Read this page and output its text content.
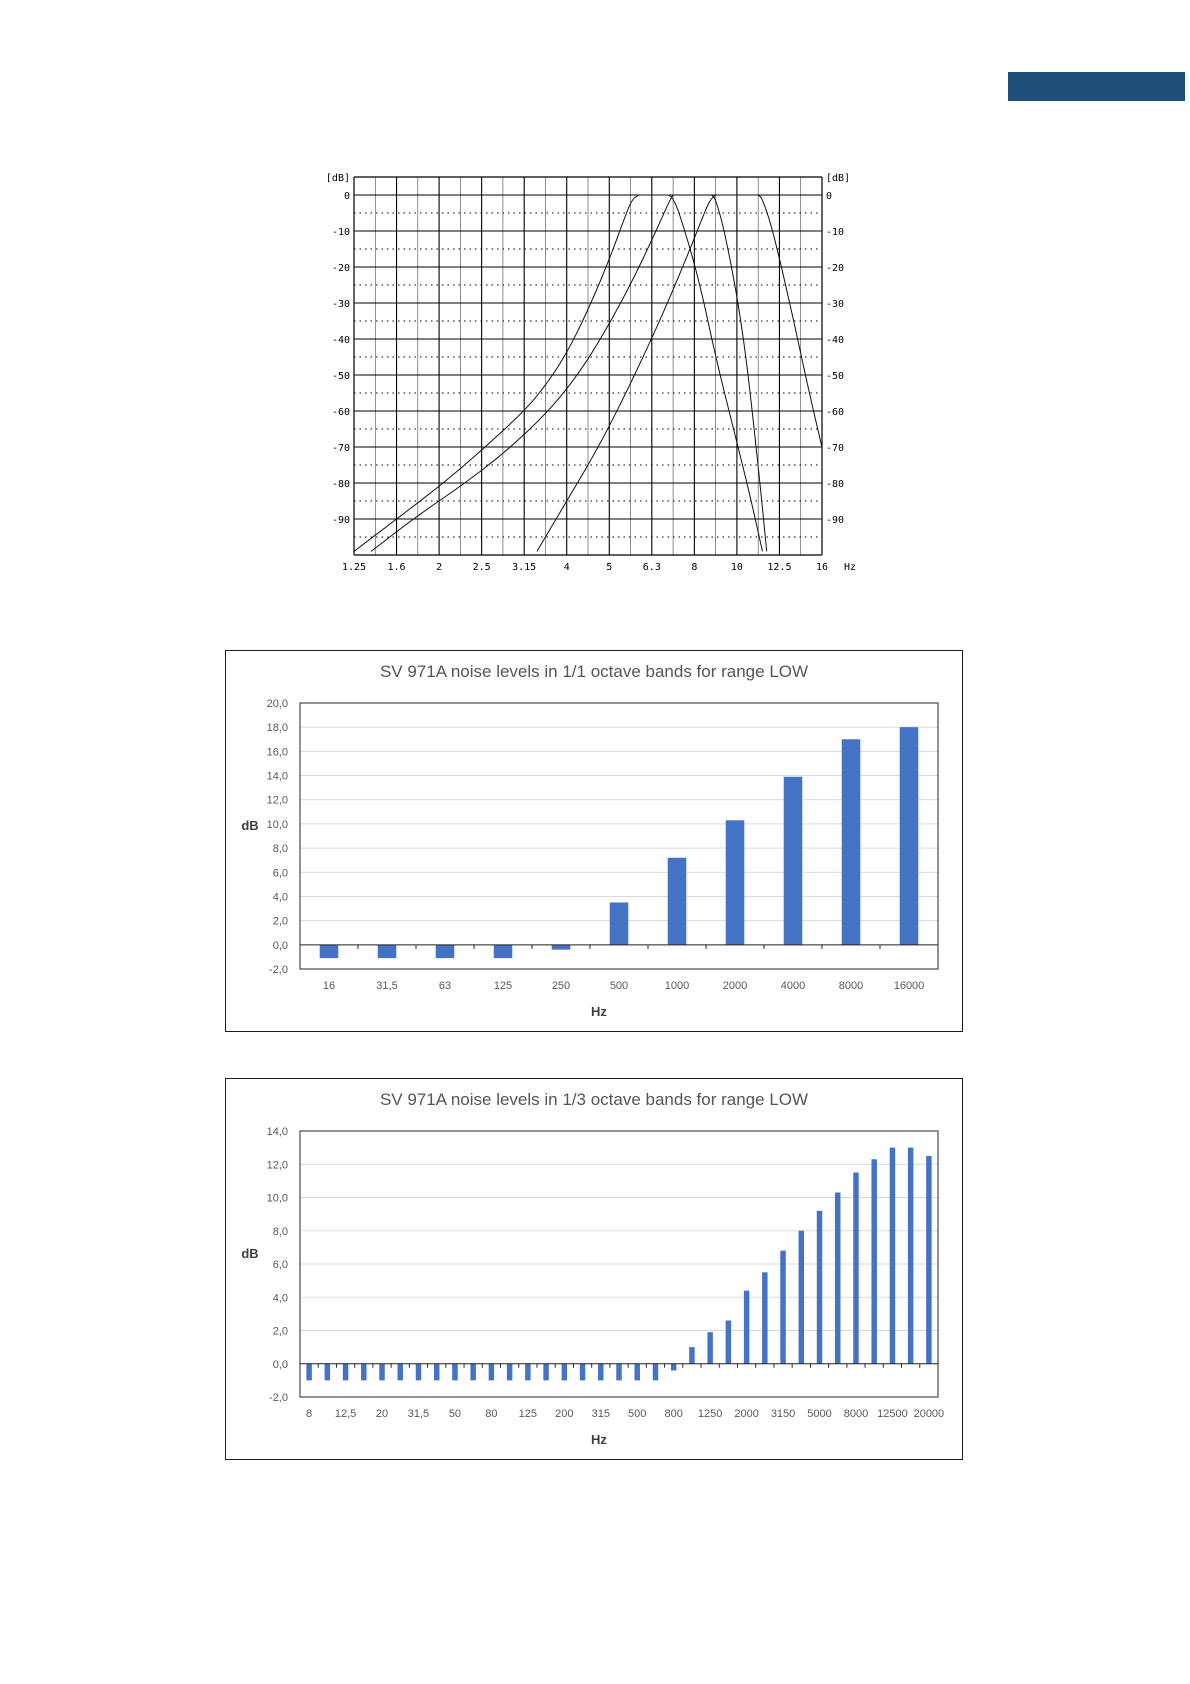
0	0
-10	-10
-20	-20
-30	-30
-40	-40
-50	-50
-60	-60
-70	-70
-80	-80
-90	-90
[dB]	[dB]
1.25 1.6	2	2.5 3.15	4	5	6.3	8	10 12.5 16 Hz
SV 971A noise levels in 1/1 octave bands for range LOW
-2,0
0,0
2,0
4,0
6,0
8,0
10,0
12,0
14,0
16,0
18,0
20,0
16	31,5	63	125	250	500	1000	2000	4000	8000	16000
Hz
dB
SV 971A noise levels in 1/3 octave bands for range LOW
-2,0
0,0
2,0
4,0
6,0
8,0
10,0
12,0
14,0
8 12,5 20 31,5 50 80 125 200 315 500 800 1250 2000 3150 5000 8000 12500 20000
Hz
dB
